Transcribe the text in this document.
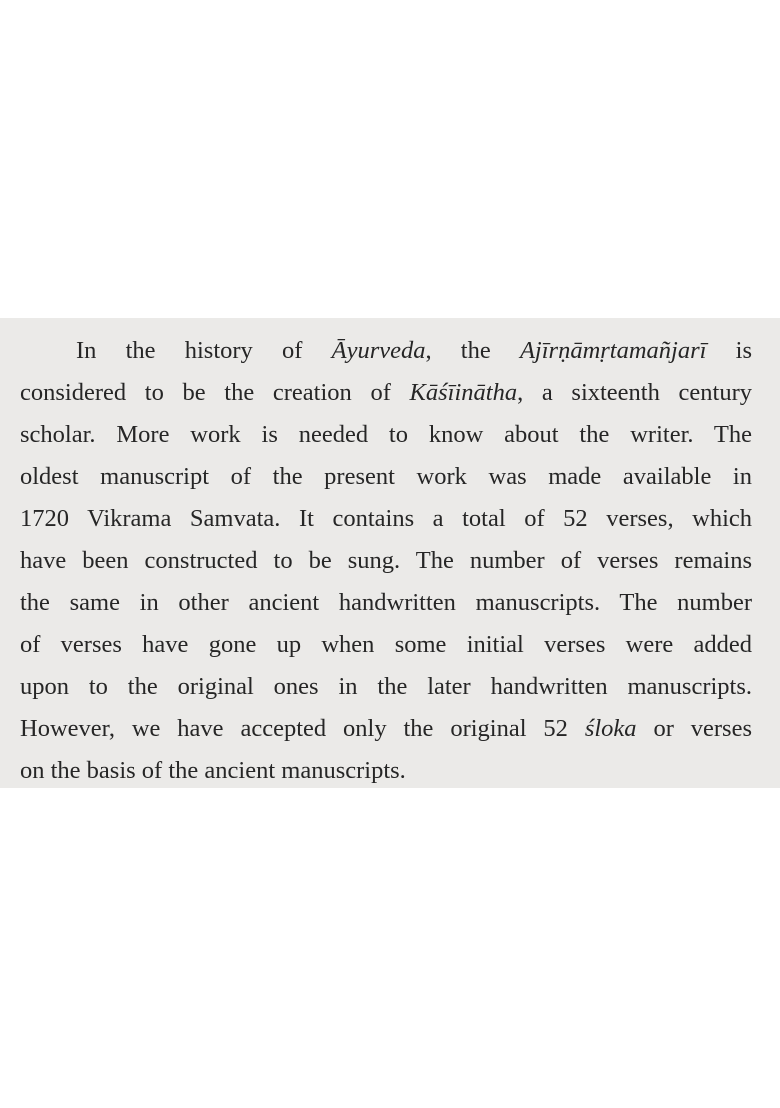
In the history of Āyurveda, the Ajīrṇāmṛtamañjarī is
considered to be the creation of Kāśīinātha, a sixteenth century
scholar. More work is needed to know about the writer. The
oldest manuscript of the present work was made available in
1720 Vikrama Samvata. It contains a total of 52 verses, which
have been constructed to be sung. The number of verses remains
the same in other ancient handwritten manuscripts. The number
of verses have gone up when some initial verses were added
upon to the original ones in the later handwritten manuscripts.
However, we have accepted only the original 52 śloka or verses
on the basis of the ancient manuscripts.
